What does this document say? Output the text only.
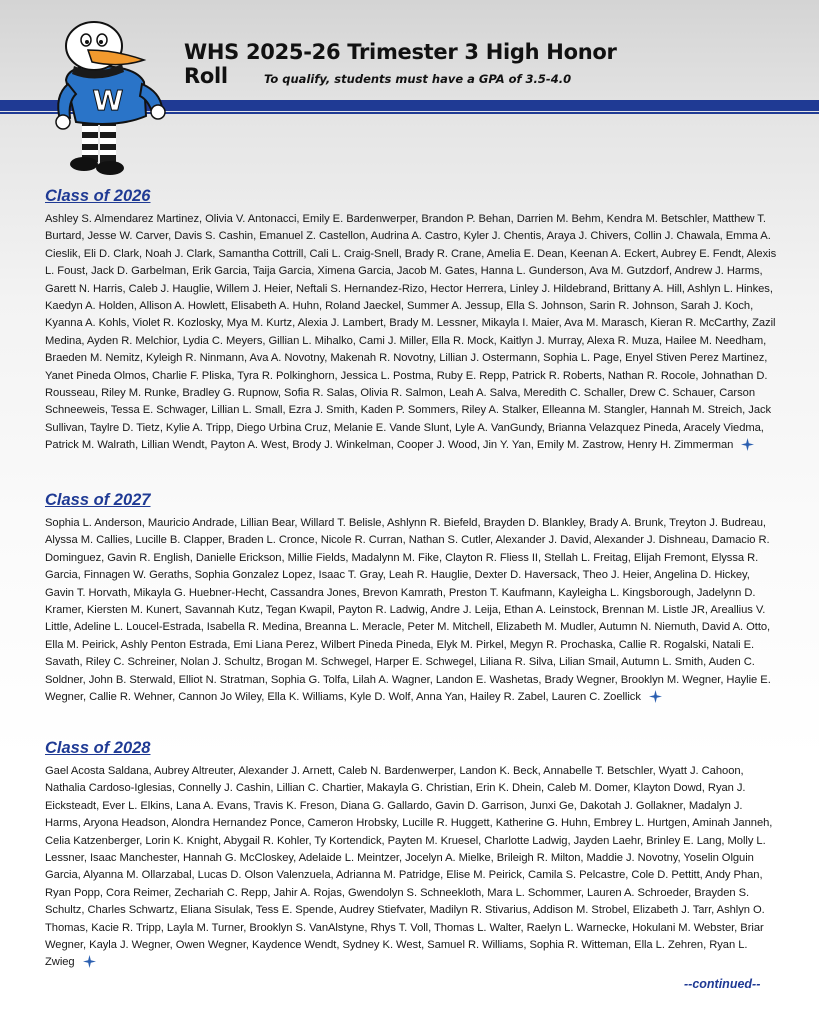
W
WHS 2025-26 Trimester 3 High Honor Roll	To qualify, students must have a GPA of 3.5-4.0
Class of 2026

Ashley S. Almendarez Martinez, Olivia V. Antonacci, Emily E. Bardenwerper, Brandon P. Behan, Darrien M. Behm, Kendra M. Betschler, Matthew T. Burtard, Jesse W. Carver, Davis S. Cashin, Emanuel Z. Castellon, Audrina A. Castro, Kyler J. Chentis, Araya J. Chivers, Collin J. Chawala, Emma A. Cieslik, Eli D. Clark, Noah J. Clark, Samantha Cottrill, Cali L. Craig-Snell, Brady R. Crane, Amelia E. Dean, Keenan A. Eckert, Aubrey E. Fendt, Alexis L. Foust, Jack D. Garbelman, Erik Garcia, Taija Garcia, Ximena Garcia, Jacob M. Gates, Hanna L. Gunderson, Ava M. Gutzdorf, Andrew J. Harms, Garett N. Harris, Caleb J. Hauglie, Willem J. Heier, Neftali S. Hernandez-Rizo, Hector Herrera, Linley J. Hildebrand, Brittany A. Hill, Ashlyn L. Hinkes, Kaedyn A. Holden, Allison A. Howlett, Elisabeth A. Huhn, Roland Jaeckel, Summer A. Jessup, Ella S. Johnson, Sarin R. Johnson, Sarah J. Koch, Kyanna A. Kohls, Violet R. Kozlosky, Mya M. Kurtz, Alexia J. Lambert, Brady M. Lessner, Mikayla I. Maier, Ava M. Marasch, Kieran R. McCarthy, Zazil Medina, Ayden R. Melchior, Lydia C. Meyers, Gillian L. Mihalko, Cami J. Miller, Ella R. Mock, Kaitlyn J. Murray, Alexa R. Muza, Hailee M. Needham, Braeden M. Nemitz, Kyleigh R. Ninmann, Ava A. Novotny, Makenah R. Novotny, Lillian J. Ostermann, Sophia L. Page, Enyel Stiven Perez Martinez, Yanet Pineda Olmos, Charlie F. Pliska, Tyra R. Polkinghorn, Jessica L. Postma, Ruby E. Repp, Patrick R. Roberts, Nathan R. Rocole, Johnathan D. Rousseau, Riley M. Runke, Bradley G. Rupnow, Sofia R. Salas, Olivia R. Salmon, Leah A. Salva, Meredith C. Schaller, Drew C. Schauer, Carson Schneeweis, Tessa E. Schwager, Lillian L. Small, Ezra J. Smith, Kaden P. Sommers, Riley A. Stalker, Elleanna M. Stangler, Hannah M. Streich, Jack Sullivan, Taylre D. Tietz, Kylie A. Tripp, Diego Urbina Cruz, Melanie E. Vande Slunt, Lyle A. VanGundy, Brianna Velazquez Pineda, Aracely Viedma, Patrick M. Walrath, Lillian Wendt, Payton A. West, Brody J. Winkelman, Cooper J. Wood, Jin Y. Yan, Emily M. Zastrow, Henry H. Zimmerman

Class of 2027

Sophia L. Anderson, Mauricio Andrade, Lillian Bear, Willard T. Belisle, Ashlynn R. Biefeld, Brayden D. Blankley, Brady A. Brunk, Treyton J. Budreau, Alyssa M. Callies, Lucille B. Clapper, Braden L. Cronce, Nicole R. Curran, Nathan S. Cutler, Alexander J. David, Alexander J. Dishneau, Damacio R. Dominguez, Gavin R. English, Danielle Erickson, Millie Fields, Madalynn M. Fike, Clayton R. Fliess II, Stellah L. Freitag, Elijah Fremont, Elyssa R. Garcia, Finnagen W. Geraths, Sophia Gonzalez Lopez, Isaac T. Gray, Leah R. Hauglie, Dexter D. Haversack, Theo J. Heier, Angelina D. Hickey, Gavin T. Horvath, Mikayla G. Huebner-Hecht, Cassandra Jones, Brevon Kamrath, Preston T. Kaufmann, Kayleigha L. Kingsborough, Jadelynn D. Kramer, Kiersten M. Kunert, Savannah Kutz, Tegan Kwapil, Payton R. Ladwig, Andre J. Leija, Ethan A. Leinstock, Brennan M. Listle JR, Areallius V. Little, Adeline L. Loucel-Estrada, Isabella R. Medina, Breanna L. Meracle, Peter M. Mitchell, Elizabeth M. Mudler, Autumn N. Niemuth, David A. Otto, Ella M. Peirick, Ashly Penton Estrada, Emi Liana Perez, Wilbert Pineda Pineda, Elyk M. Pirkel, Megyn R. Prochaska, Callie R. Rogalski, Natali E. Savath, Riley C. Schreiner, Nolan J. Schultz, Brogan M. Schwegel, Harper E. Schwegel, Liliana R. Silva, Lilian Smail, Autumn L. Smith, Auden C. Soldner, John B. Sterwald, Elliot N. Stratman, Sophia G. Tolfa, Lilah A. Wagner, Landon E. Washetas, Brady Wegner, Brooklyn M. Wegner, Haylie E. Wegner, Callie R. Wehner, Cannon Jo Wiley, Ella K. Williams, Kyle D. Wolf, Anna Yan, Hailey R. Zabel, Lauren C. Zoellick

Class of 2028

Gael Acosta Saldana, Aubrey Altreuter, Alexander J. Arnett, Caleb N. Bardenwerper, Landon K. Beck, Annabelle T. Betschler, Wyatt J. Cahoon, Nathalia Cardoso-Iglesias, Connelly J. Cashin, Lillian C. Chartier, Makayla G. Christian, Erin K. Dhein, Caleb M. Domer, Klayton Dowd, Ryan J. Eicksteadt, Ever L. Elkins, Lana A. Evans, Travis K. Freson, Diana G. Gallardo, Gavin D. Garrison, Junxi Ge, Dakotah J. Gollakner, Madalyn J. Harms, Aryona Headson, Alondra Hernandez Ponce, Cameron Hrobsky, Lucille R. Huggett, Katherine G. Huhn, Embrey L. Hurtgen, Aminah Janneh, Celia Katzenberger, Lorin K. Knight, Abygail R. Kohler, Ty Kortendick, Payten M. Kruesel, Charlotte Ladwig, Jayden Laehr, Brinley E. Lang, Molly L. Lessner, Isaac Manchester, Hannah G. McCloskey, Adelaide L. Meintzer, Jocelyn A. Mielke, Brileigh R. Milton, Maddie J. Novotny, Yoselin Olguin Garcia, Alyanna M. Ollarzabal, Lucas D. Olson Valenzuela, Adrianna M. Patridge, Elise M. Peirick, Camila S. Pelcastre, Cole D. Pettitt, Andy Phan, Ryan Popp, Cora Reimer, Zechariah C. Repp, Jahir A. Rojas, Gwendolyn S. Schneekloth, Mara L. Schommer, Lauren A. Schroeder, Brayden S. Schultz, Charles Schwartz, Eliana Sisulak, Tess E. Spende, Audrey Stiefvater, Madilyn R. Stivarius, Addison M. Strobel, Elizabeth J. Tarr, Ashlyn O. Thomas, Kacie R. Tripp, Layla M. Turner, Brooklyn S. VanAlstyne, Rhys T. Voll, Thomas L. Walter, Raelyn L. Warnecke, Hokulani M. Webster, Briar Wegner, Kayla J. Wegner, Owen Wegner, Kaydence Wendt, Sydney K. West, Samuel R. Williams, Sophia R. Witteman, Ella L. Zehren, Ryan L. Zwieg

--continued--
